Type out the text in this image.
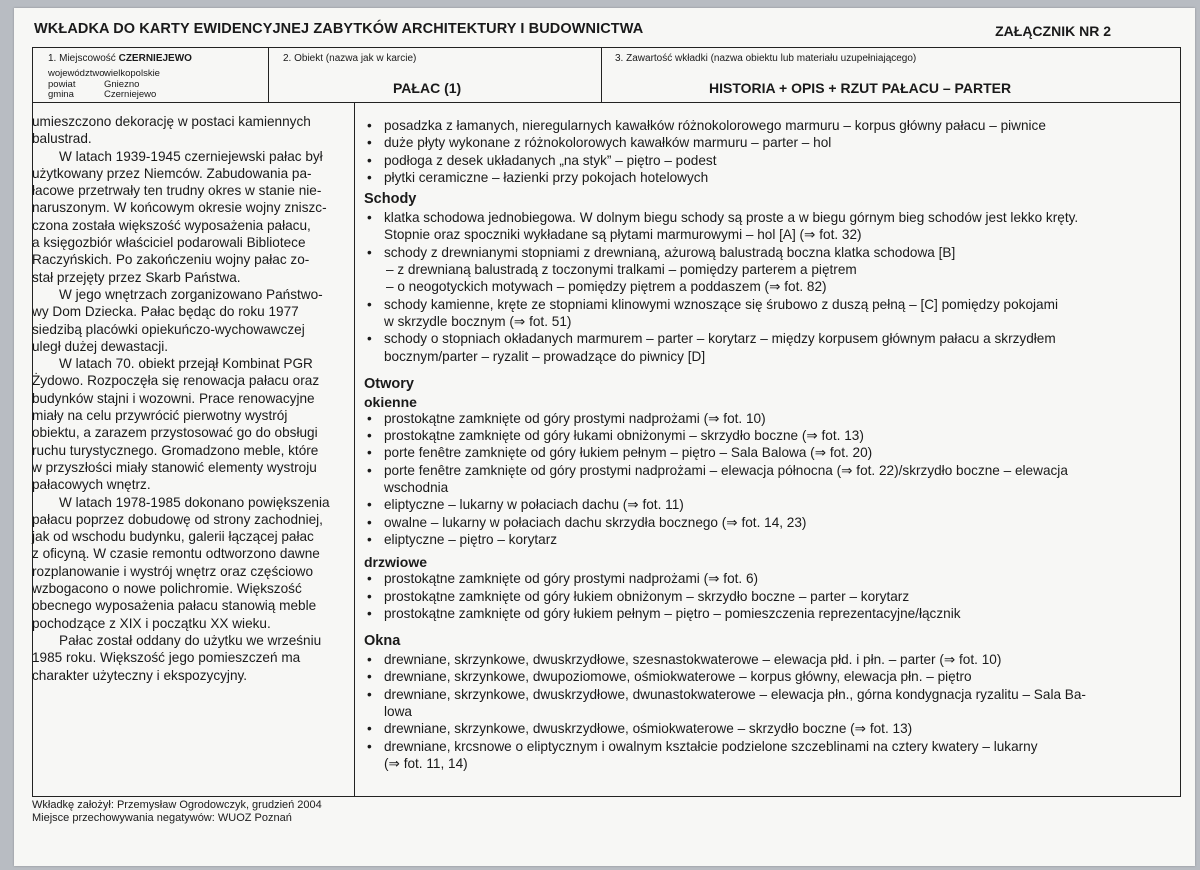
WKŁADKA DO KARTY EWIDENCYJNEJ ZABYTKÓW ARCHITEKTURY I BUDOWNICTWA	ZAŁĄCZNIK NR 2
1. Miejscowość CZERNIEJEWO
województwowielkopolskie
powiat	Gniezno
gmina	Czerniejewo
2. Obiekt (nazwa jak w karcie)
PAŁAC (1)
3. Zawartość wkładki (nazwa obiektu lub materiału uzupełniającego)
HISTORIA + OPIS + RZUT PAŁACU – PARTER

umieszczono dekorację w postaci kamiennych
balustrad.

W latach 1939-1945 czerniejewski pałac był
użytkowany przez Niemców. Zabudowania pa-
łacowe przetrwały ten trudny okres w stanie nie-
naruszonym. W końcowym okresie wojny zniszc-
czona została większość wyposażenia pałacu,
a księgozbiór właściciel podarowali Bibliotece
Raczyńskich. Po zakończeniu wojny pałac zo-
stał przejęty przez Skarb Państwa.

W jego wnętrzach zorganizowano Państwo-
wy Dom Dziecka. Pałac będąc do roku 1977
siedzibą placówki opiekuńczo-wychowawczej
uległ dużej dewastacji.

W latach 70. obiekt przejął Kombinat PGR
Żydowo. Rozpoczęła się renowacja pałacu oraz
budynków stajni i wozowni. Prace renowacyjne
miały na celu przywrócić pierwotny wystrój
obiektu, a zarazem przystosować go do obsługi
ruchu turystycznego. Gromadzono meble, które
w przyszłości miały stanowić elementy wystroju
pałacowych wnętrz.

W latach 1978-1985 dokonano powiększenia
pałacu poprzez dobudowę od strony zachodniej,
jak od wschodu budynku, galerii łączącej pałac
z oficyną. W czasie remontu odtworzono dawne
rozplanowanie i wystrój wnętrz oraz częściowo
wzbogacono o nowe polichromie. Większość
obecnego wyposażenia pałacu stanowią meble
pochodzące z XIX i początku XX wieku.

Pałac został oddany do użytku we wrześniu
1985 roku. Większość jego pomieszczeń ma
charakter użyteczny i ekspozycyjny.

• posadzka z łamanych, nieregularnych kawałków różnokolorowego marmuru – korpus główny pałacu – piwnice
• duże płyty wykonane z różnokolorowych kawałków marmuru – parter – hol
• podłoga z desek układanych „na styk” – piętro – podest
• płytki ceramiczne – łazienki przy pokojach hotelowych
Schody
• klatka schodowa jednobiegowa. W dolnym biegu schody są proste a w biegu górnym bieg schodów jest lekko kręty.
Stopnie oraz spoczniki wykładane są płytami marmurowymi – hol [A] (⇒ fot. 32)
• schody z drewnianymi stopniami z drewnianą, ażurową balustradą boczna klatka schodowa [B]
– z drewnianą balustradą z toczonymi tralkami – pomiędzy parterem a piętrem
– o neogotyckich motywach – pomiędzy piętrem a poddaszem (⇒ fot. 82)
• schody kamienne, kręte ze stopniami klinowymi wznoszące się śrubowo z duszą pełną – [C] pomiędzy pokojami
w skrzydle bocznym (⇒ fot. 51)
• schody o stopniach okładanych marmurem – parter – korytarz – między korpusem głównym pałacu a skrzydłem
bocznym/parter – ryzalit – prowadzące do piwnicy [D]
Otwory
okienne
• prostokątne zamknięte od góry prostymi nadprożami (⇒ fot. 10)
• prostokątne zamknięte od góry łukami obniżonymi – skrzydło boczne (⇒ fot. 13)
• porte fenêtre zamknięte od góry łukiem pełnym – piętro – Sala Balowa (⇒ fot. 20)
• porte fenêtre zamknięte od góry prostymi nadprożami – elewacja północna (⇒ fot. 22)/skrzydło boczne – elewacja
wschodnia
• eliptyczne – lukarny w połaciach dachu (⇒ fot. 11)
• owalne – lukarny w połaciach dachu skrzydła bocznego (⇒ fot. 14, 23)
• eliptyczne – piętro – korytarz
drzwiowe
• prostokątne zamknięte od góry prostymi nadprożami (⇒ fot. 6)
• prostokątne zamknięte od góry łukiem obniżonym – skrzydło boczne – parter – korytarz
• prostokątne zamknięte od góry łukiem pełnym – piętro – pomieszczenia reprezentacyjne/łącznik
Okna
• drewniane, skrzynkowe, dwuskrzydłowe, szesnastokwaterowe – elewacja płd. i płn. – parter (⇒ fot. 10)
• drewniane, skrzynkowe, dwupoziomowe, ośmiokwaterowe – korpus główny, elewacja płn. – piętro
• drewniane, skrzynkowe, dwuskrzydłowe, dwunastokwaterowe – elewacja płn., górna kondygnacja ryzalitu – Sala Ba-
lowa
• drewniane, skrzynkowe, dwuskrzydłowe, ośmiokwaterowe – skrzydło boczne (⇒ fot. 13)
• drewniane, krcsnowe o eliptycznym i owalnym kształcie podzielone szczeblinami na cztery kwatery – lukarny
(⇒ fot. 11, 14)
Wkładkę założył: Przemysław Ogrodowczyk, grudzień 2004
Miejsce przechowywania negatywów: WUOZ Poznań
